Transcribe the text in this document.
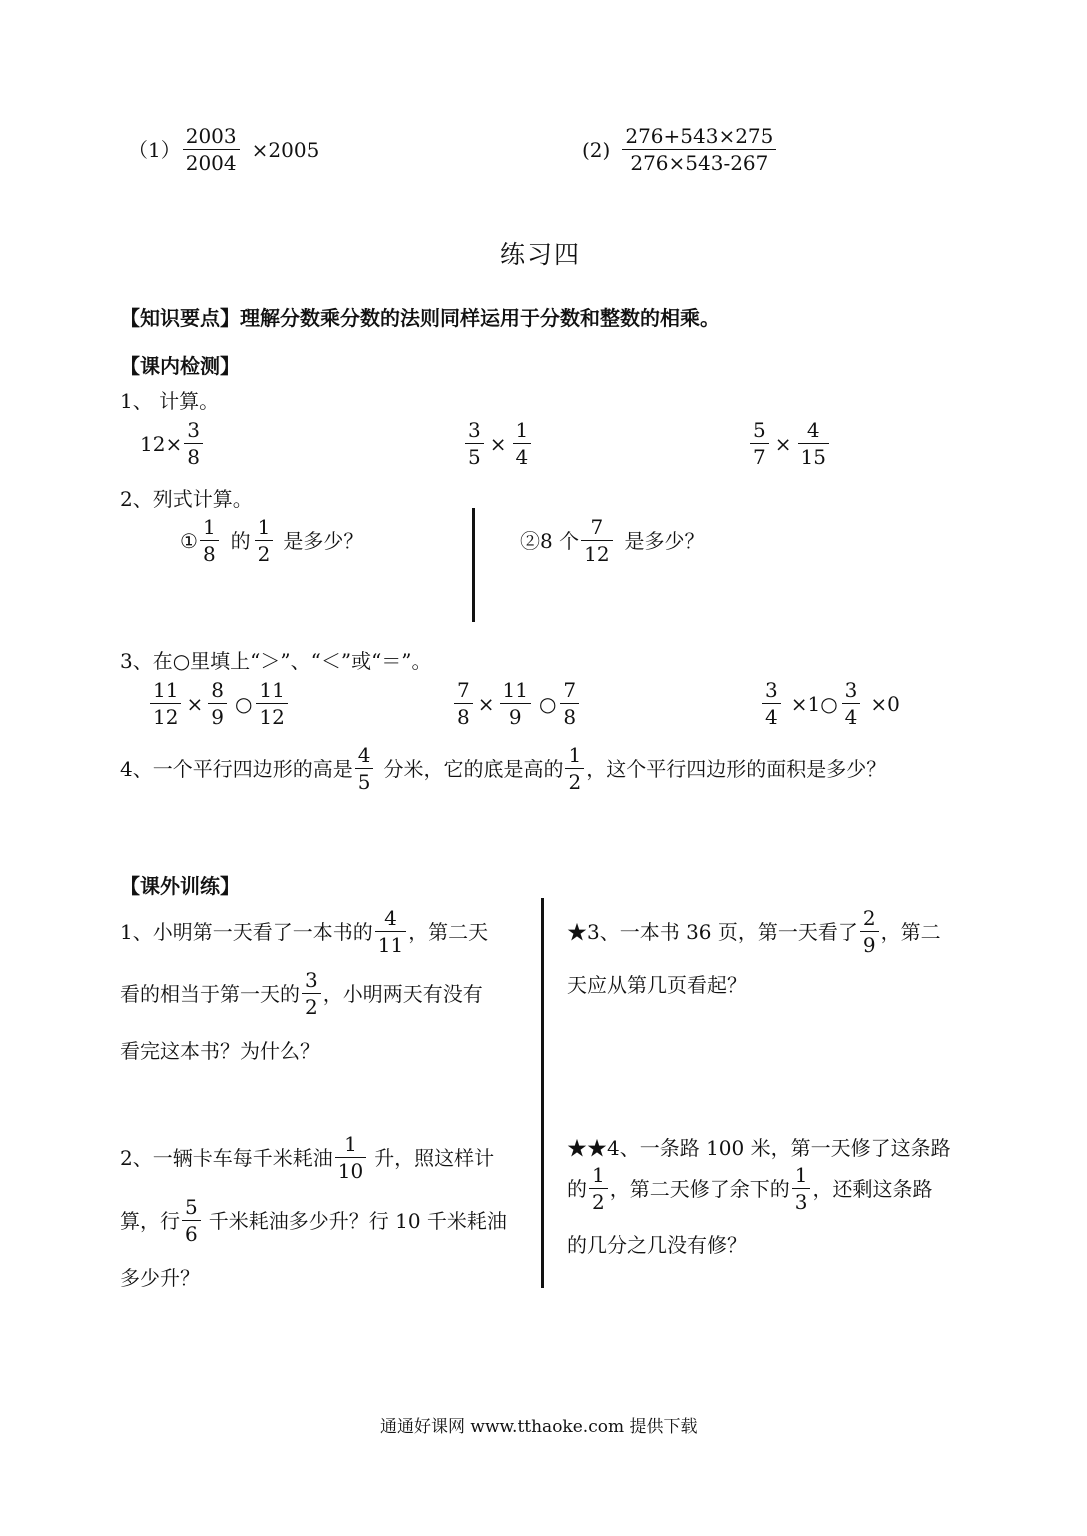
$(1) \frac{2003}{2004} \times 2005$	$(2) \frac{276+543\times 275}{276\times 543-267}$
练习四
【知识要点】理解分数乘分数的法则同样运用于分数和整数的相乘。
【课内检测】
1、 计算。
$12\times \frac{3}{8}$	$\frac{3}{5} \times \frac{1}{4}$	$\frac{5}{7} \times \frac{4}{15}$
2、列式计算。
① $\frac{1}{8}$ 的 $\frac{1}{2}$ 是多少？	②8 个 $\frac{7}{12}$ 是多少？
3、在○里填上“＞”、“＜”或“＝”。
$\frac{11}{12} \times \frac{8}{9}$ ○ $\frac{11}{12}$	$\frac{7}{8} \times \frac{11}{9}$ ○ $\frac{7}{8}$	$\frac{3}{4}$ ×1○ $\frac{3}{4} \times 0$
4、一个平行四边形的高是 $\frac{4}{5}$ 分米，它的底是高的 $\frac{1}{2}$ ，这个平行四边形的面积是多少？
【课外训练】
1、小明第一天看了一本书的 $\frac{4}{11}$ ，第二天
看的相当于第一天的 $\frac{3}{2}$ ，小明两天有没有
看完这本书？为什么？
2、一辆卡车每千米耗油 $\frac{1}{10}$ 升，照这样计
算，行 $\frac{5}{6}$ 千米耗油多少升？行 10 千米耗油
多少升？
★3、一本书 36 页，第一天看了 $\frac{2}{9}$ ，第二
天应从第几页看起？
★★4、一条路 100 米，第一天修了这条路
的 $\frac{1}{2}$ ，第二天修了余下的 $\frac{1}{3}$ ，还剩这条路
的几分之几没有修？
通通好课网 www.tthaoke.com 提供下载
